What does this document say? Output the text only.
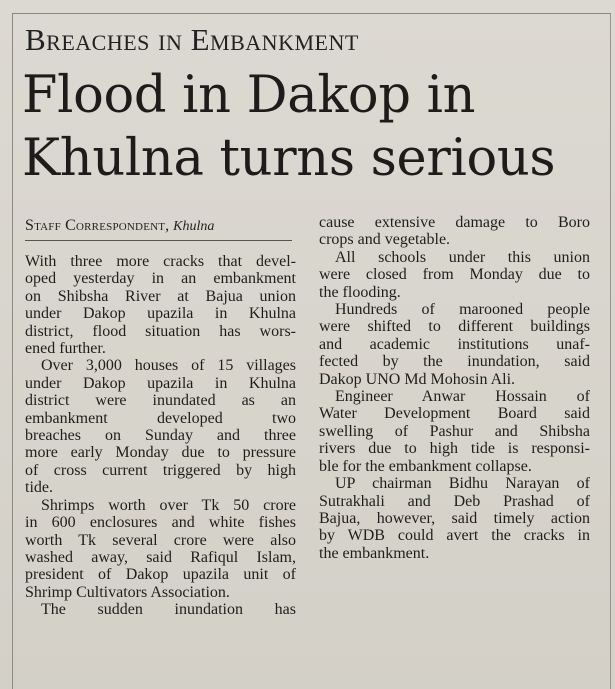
Breaches in Embankment
Flood in Dakop in
Khulna turns serious
Staff Correspondent, Khulna
With three more cracks that devel-
oped yesterday in an embankment
on Shibsha River at Bajua union
under Dakop upazila in Khulna
district, flood situation has wors-
ened further.
Over 3,000 houses of 15 villages
under Dakop upazila in Khulna
district were inundated as an
embankment developed two
breaches on Sunday and three
more early Monday due to pressure
of cross current triggered by high
tide.
Shrimps worth over Tk 50 crore
in 600 enclosures and white fishes
worth Tk several crore were also
washed away, said Rafiqul Islam,
president of Dakop upazila unit of
Shrimp Cultivators Association.
The sudden inundation has
cause extensive damage to Boro
crops and vegetable.
All schools under this union
were closed from Monday due to
the flooding.
Hundreds of marooned people
were shifted to different buildings
and academic institutions unaf-
fected by the inundation, said
Dakop UNO Md Mohosin Ali.
Engineer Anwar Hossain of
Water Development Board said
swelling of Pashur and Shibsha
rivers due to high tide is responsi-
ble for the embankment collapse.
UP chairman Bidhu Narayan of
Sutrakhali and Deb Prashad of
Bajua, however, said timely action
by WDB could avert the cracks in
the embankment.
